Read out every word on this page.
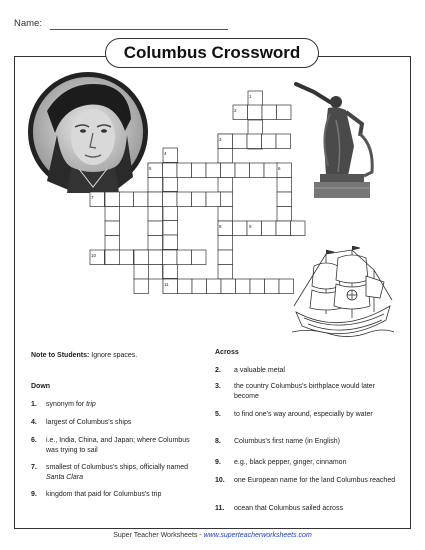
Name:
Columbus Crossword
1
2
3
4
5	6
7
8	9
10
11
Note to Students: Ignore spaces.
Down
1.	synonym for trip
4.	largest of Columbus's ships
6.	i.e., India, China, and Japan; where Columbus was trying to sail
7.	smallest of Columbus's ships, officially named Santa Clara
9.	kingdom that paid for Columbus's trip
Across
2.	a valuable metal
3.	the country Columbus's birthplace would later become
5.	to find one's way around, especially by water
8.	Columbus's first name (in English)
9.	e.g., black pepper, ginger, cinnamon
10.	one European name for the land Columbus reached
11.	ocean that Columbus sailed across
Super Teacher Worksheets - www.superteacherworksheets.com
